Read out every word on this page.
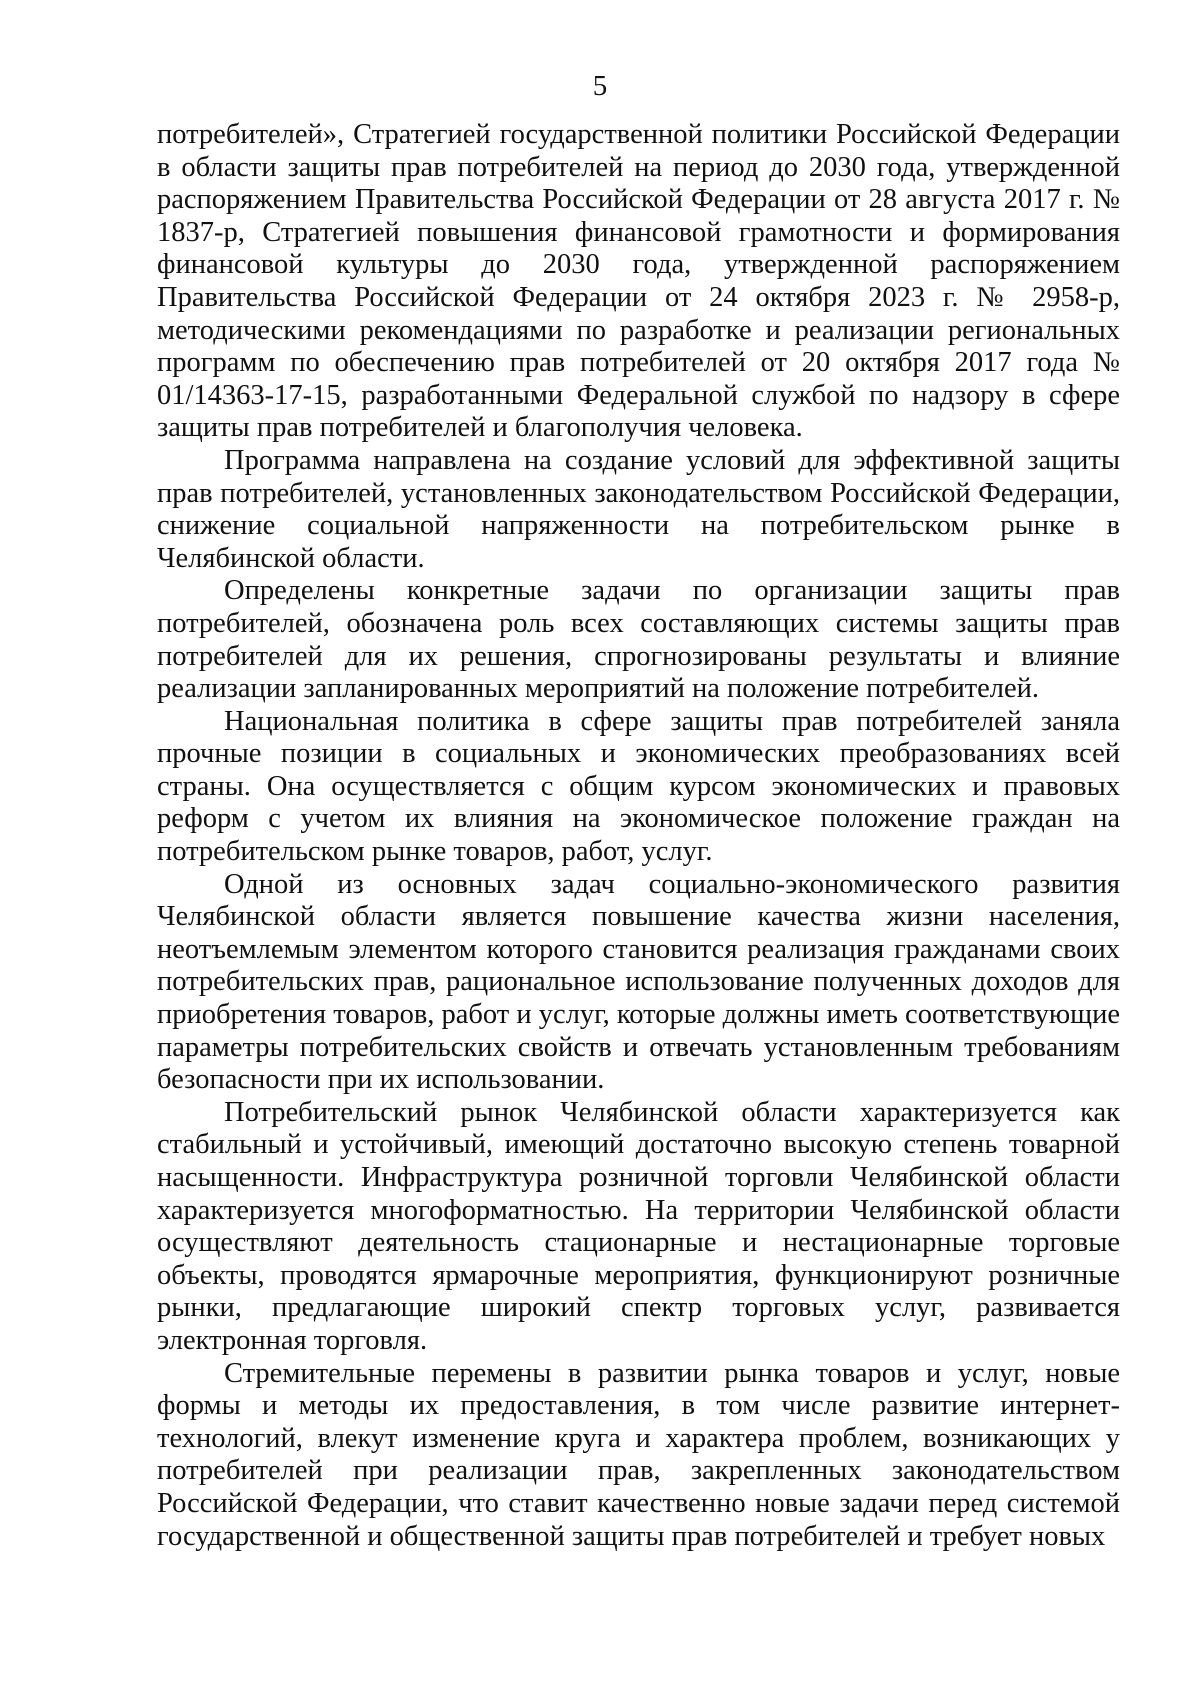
5

потребителей», Стратегией государственной политики Российской Федерации в области защиты прав потребителей на период до 2030 года, утвержденной распоряжением Правительства Российской Федерации от 28 августа 2017 г. № 1837-р, Стратегией повышения финансовой грамотности и формирования финансовой культуры до 2030 года, утвержденной распоряжением Правительства Российской Федерации от 24 октября 2023 г. № 2958-р, методическими рекомендациями по разработке и реализации региональных программ по обеспечению прав потребителей от 20 октября 2017 года № 01/14363-17-15, разработанными Федеральной службой по надзору в сфере защиты прав потребителей и благополучия человека.

Программа направлена на создание условий для эффективной защиты прав потребителей, установленных законодательством Российской Федерации, снижение социальной напряженности на потребительском рынке в Челябинской области.

Определены конкретные задачи по организации защиты прав потребителей, обозначена роль всех составляющих системы защиты прав потребителей для их решения, спрогнозированы результаты и влияние реализации запланированных мероприятий на положение потребителей.

Национальная политика в сфере защиты прав потребителей заняла прочные позиции в социальных и экономических преобразованиях всей страны. Она осуществляется с общим курсом экономических и правовых реформ с учетом их влияния на экономическое положение граждан на потребительском рынке товаров, работ, услуг.

Одной из основных задач социально-экономического развития Челябинской области является повышение качества жизни населения, неотъемлемым элементом которого становится реализация гражданами своих потребительских прав, рациональное использование полученных доходов для приобретения товаров, работ и услуг, которые должны иметь соответствующие параметры потребительских свойств и отвечать установленным требованиям безопасности при их использовании.

Потребительский рынок Челябинской области характеризуется как стабильный и устойчивый, имеющий достаточно высокую степень товарной насыщенности. Инфраструктура розничной торговли Челябинской области характеризуется многоформатностью. На территории Челябинской области осуществляют деятельность стационарные и нестационарные торговые объекты, проводятся ярмарочные мероприятия, функционируют розничные рынки, предлагающие широкий спектр торговых услуг, развивается электронная торговля.

Стремительные перемены в развитии рынка товаров и услуг, новые формы и методы их предоставления, в том числе развитие интернет-технологий, влекут изменение круга и характера проблем, возникающих у потребителей при реализации прав, закрепленных законодательством Российской Федерации, что ставит качественно новые задачи перед системой государственной и общественной защиты прав потребителей и требует новых
